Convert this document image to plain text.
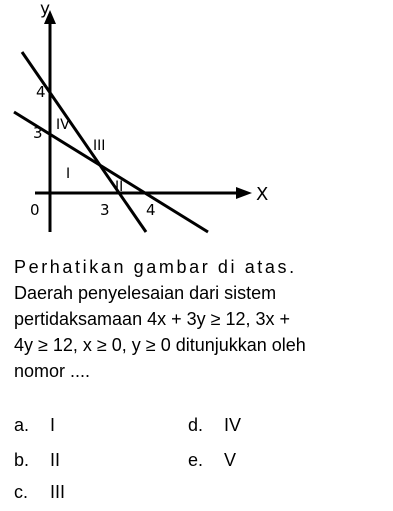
y
X
0	3 4
3
4
I
II
III
IV
Perhatikan gambar di atas.
Daerah penyelesaian dari sistem
pertidaksamaan 4x + 3y ≥ 12, 3x +
4y ≥ 12, x ≥ 0, y ≥ 0 ditunjukkan oleh
nomor ....
a. I
b. II
c. III
d. IV
e. V
